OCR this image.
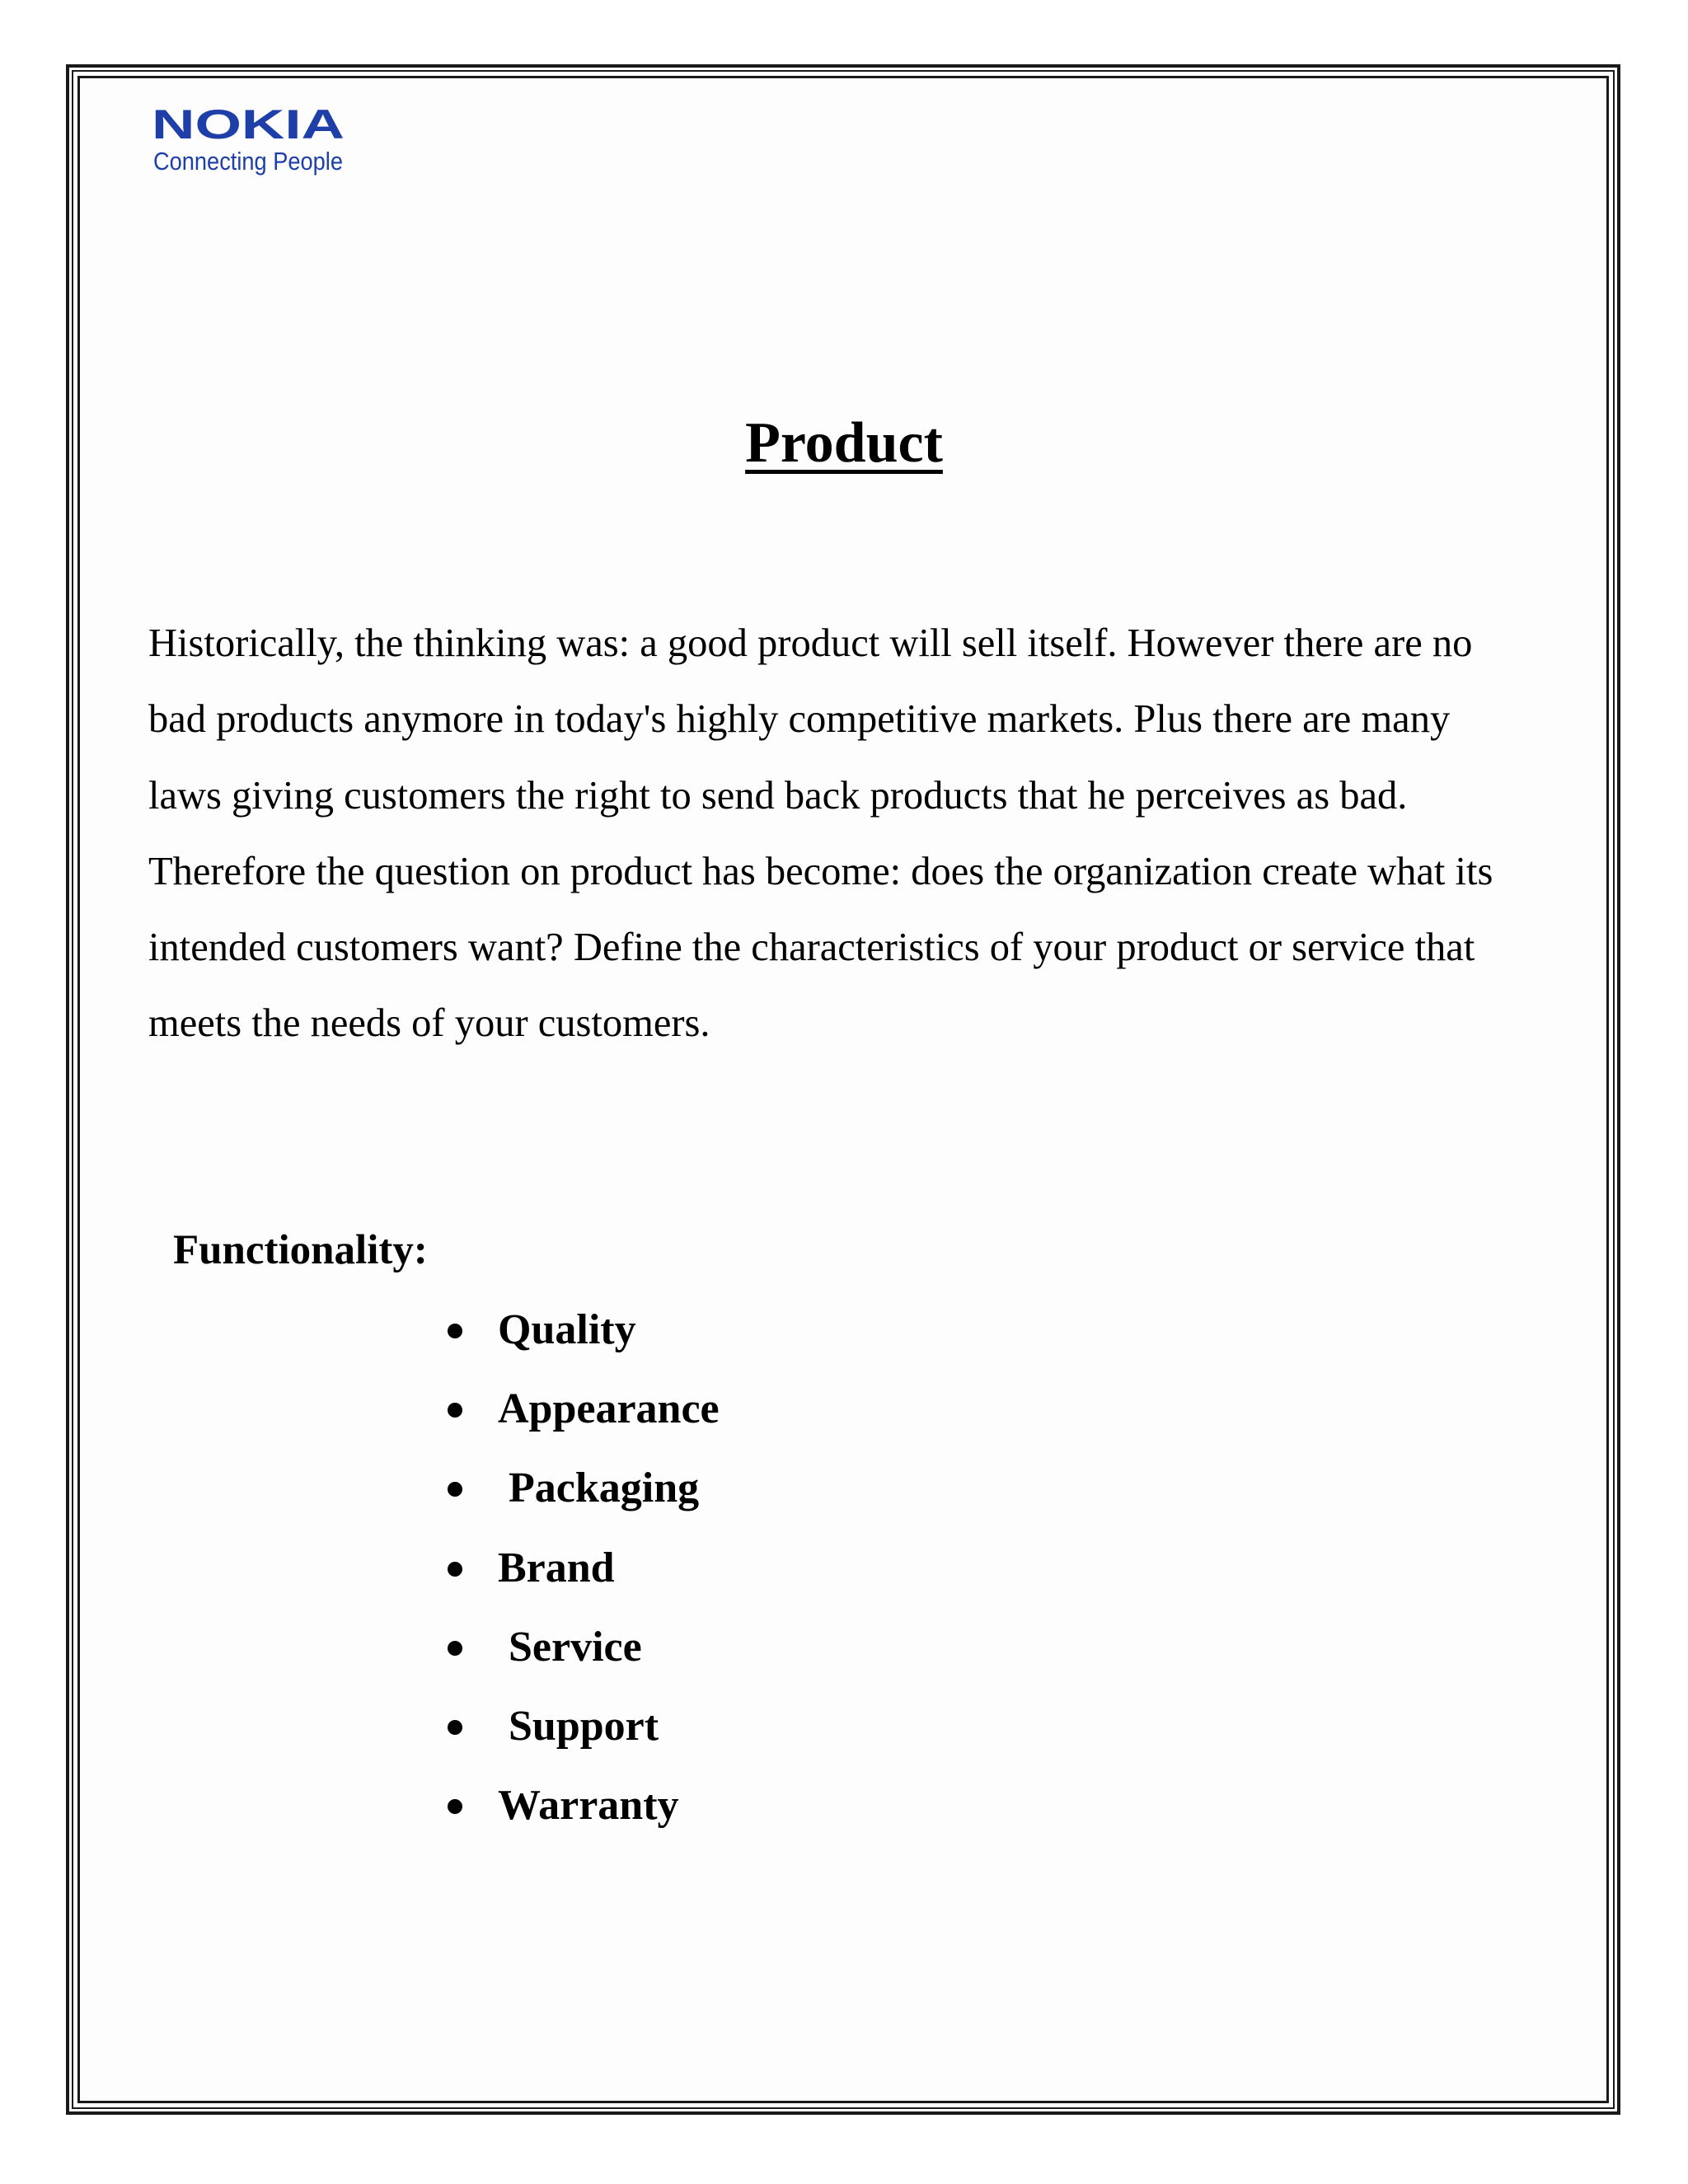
NOKIA
Connecting People
Product

Historically, the thinking was: a good product will sell itself. However there are no bad products anymore in today's highly competitive markets. Plus there are many laws giving customers the right to send back products that he perceives as bad. Therefore the question on product has become: does the organization create what its intended customers want? Define the characteristics of your product or service that meets the needs of your customers.

Functionality:
Quality
Appearance
Packaging
Brand
Service
Support
Warranty
